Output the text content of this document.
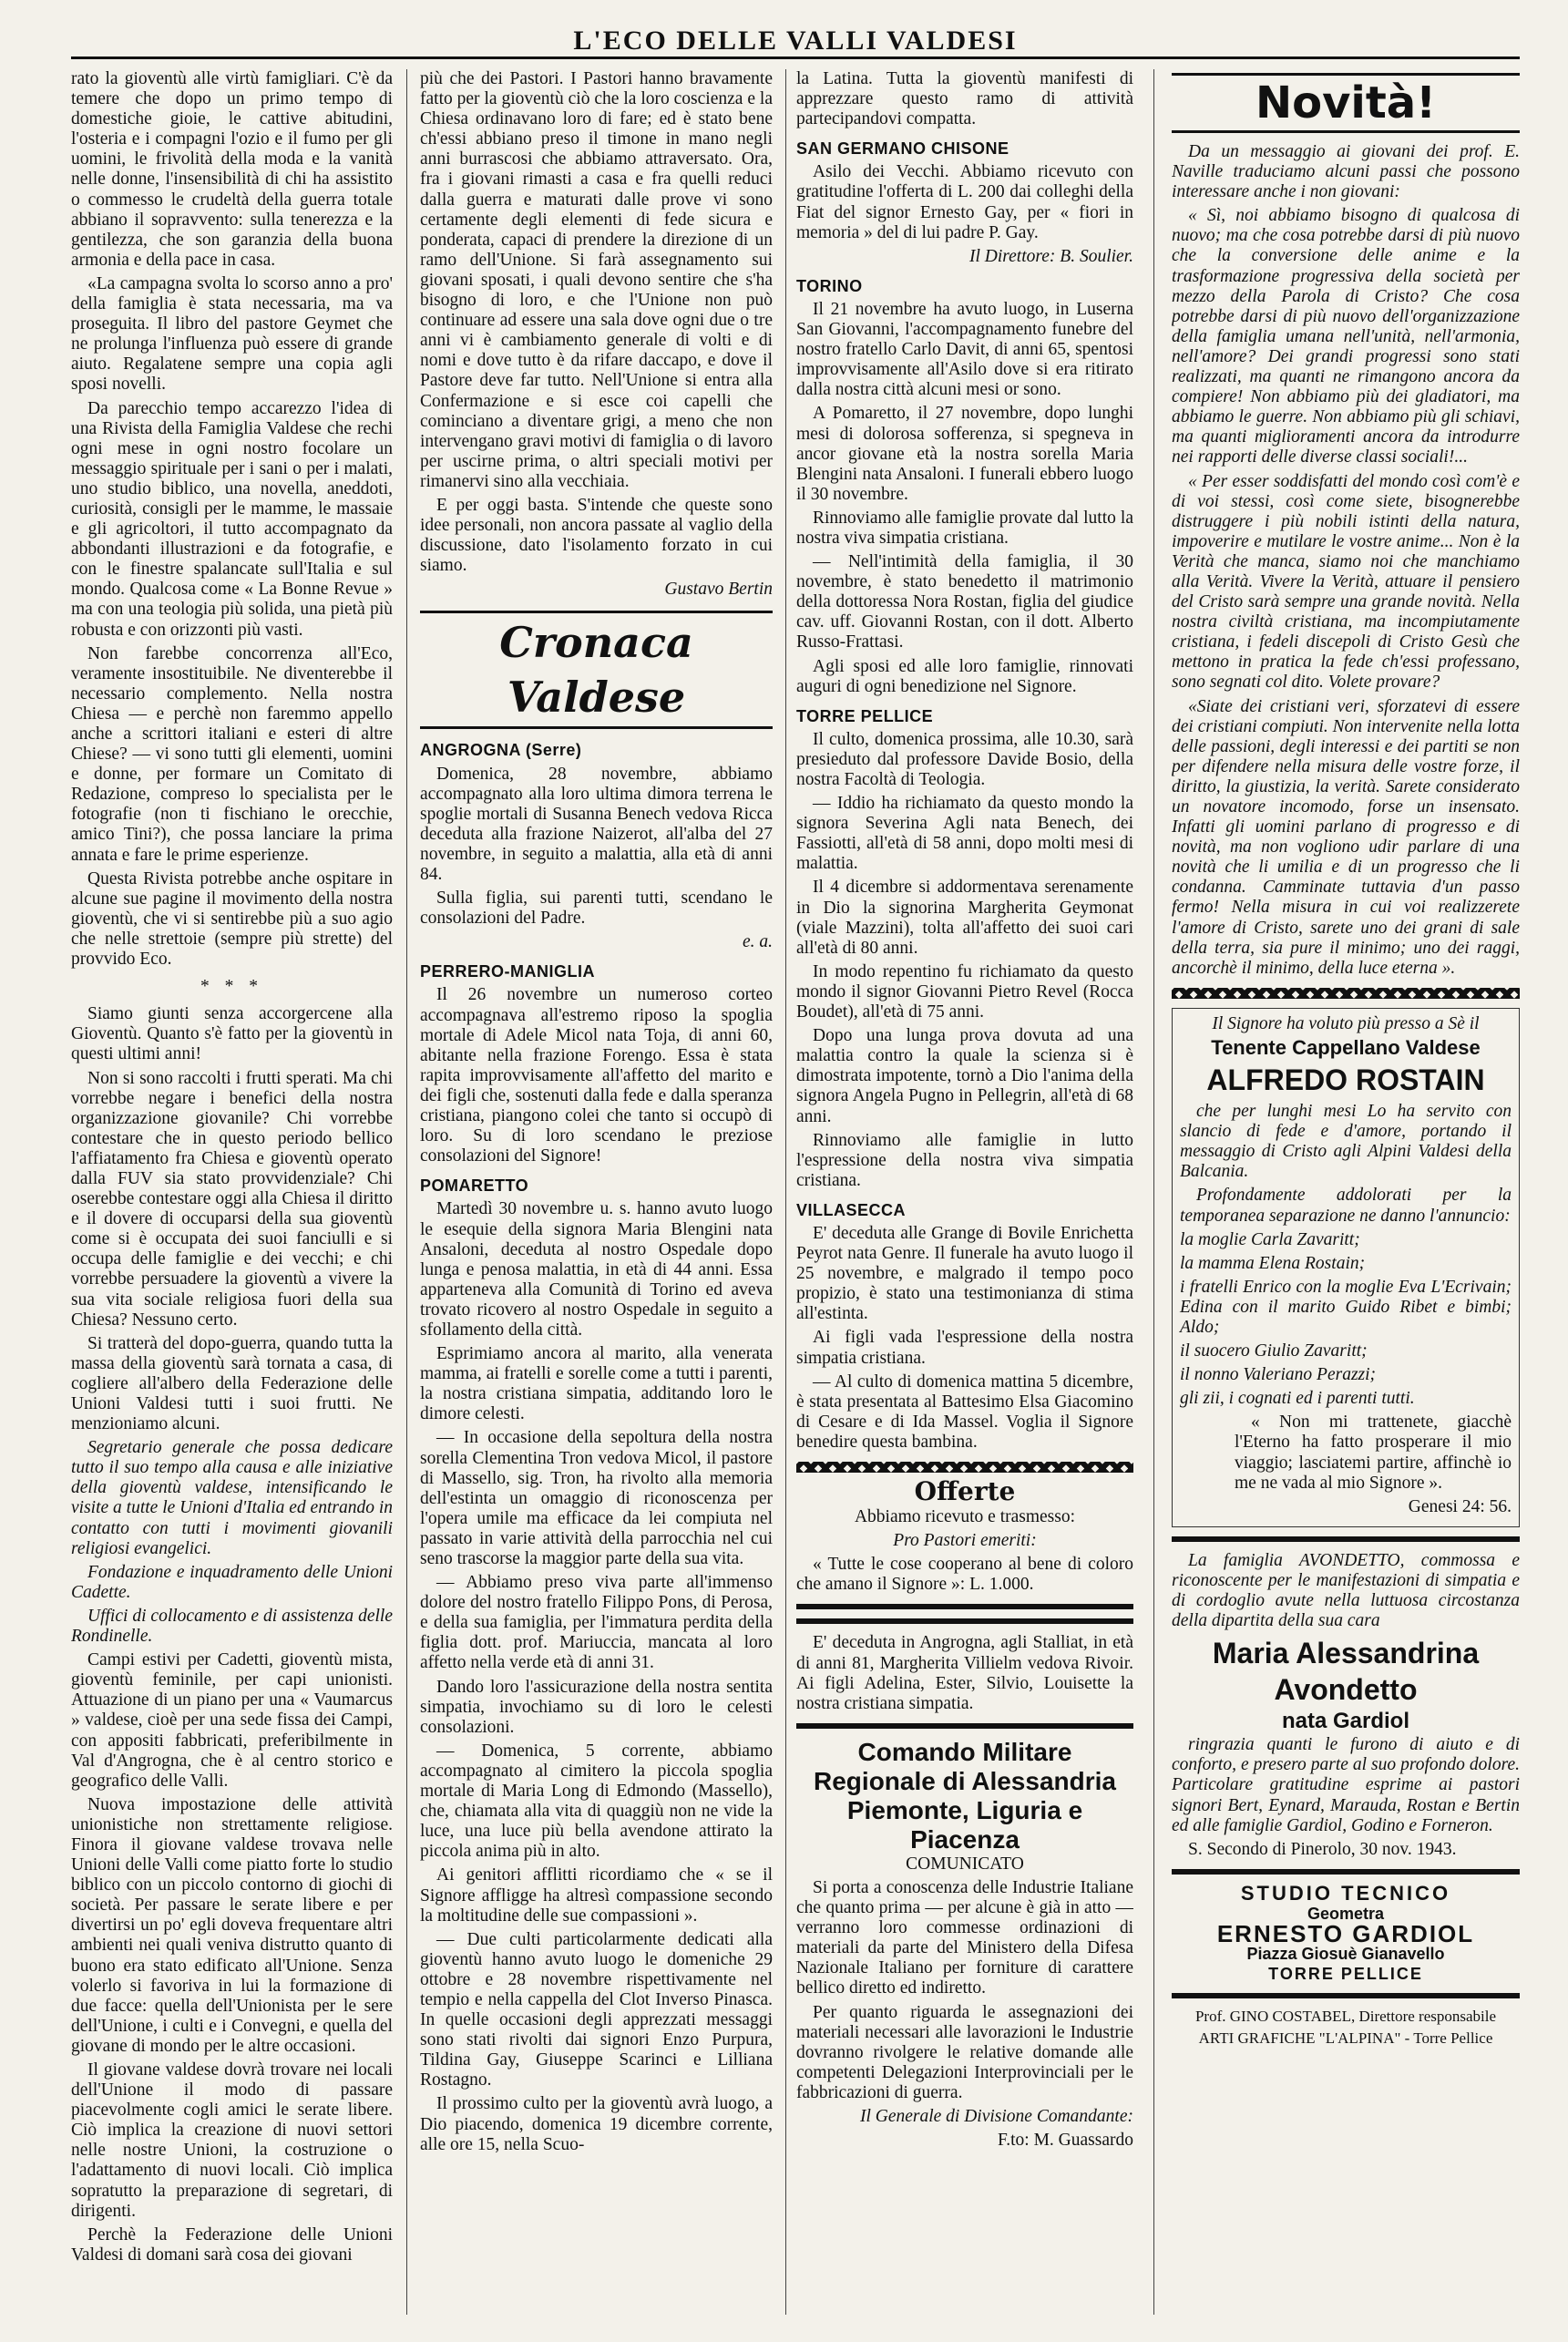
L'ECO DELLE VALLI VALDESI

rato la gioventù alle virtù famigliari. C'è da temere che dopo un primo tempo di domestiche gioie, le cattive abitudini, l'osteria e i compagni l'ozio e il fumo per gli uomini, le frivolità della moda e la vanità nelle donne, l'insensibilità di chi ha assistito o commesso le crudeltà della guerra totale abbiano il sopravvento: sulla tenerezza e la gentilezza, che son garanzia della buona armonia e della pace in casa.

«La campagna svolta lo scorso anno a pro' della famiglia è stata necessaria, ma va proseguita. Il libro del pastore Geymet che ne prolunga l'influenza può essere di grande aiuto. Regalatene sempre una copia agli sposi novelli.

Da parecchio tempo accarezzo l'idea di una Rivista della Famiglia Valdese che rechi ogni mese in ogni nostro focolare un messaggio spirituale per i sani o per i malati, uno studio biblico, una novella, aneddoti, curiosità, consigli per le mamme, le massaie e gli agricoltori, il tutto accompagnato da abbondanti illustrazioni e da fotografie, e con le finestre spalancate sull'Italia e sul mondo. Qualcosa come « La Bonne Revue » ma con una teologia più solida, una pietà più robusta e con orizzonti più vasti.

Non farebbe concorrenza all'Eco, veramente insostituibile. Ne diventerebbe il necessario complemento. Nella nostra Chiesa — e perchè non faremmo appello anche a scrittori italiani e esteri di altre Chiese? — vi sono tutti gli elementi, uomini e donne, per formare un Comitato di Redazione, compreso lo specialista per le fotografie (non ti fischiano le orecchie, amico Tini?), che possa lanciare la prima annata e fare le prime esperienze.

Questa Rivista potrebbe anche ospitare in alcune sue pagine il movimento della nostra gioventù, che vi si sentirebbe più a suo agio che nelle strettoie (sempre più strette) del provvido Eco.

* * *

Siamo giunti senza accorgercene alla Gioventù. Quanto s'è fatto per la gioventù in questi ultimi anni!

Non si sono raccolti i frutti sperati. Ma chi vorrebbe negare i benefici della nostra organizzazione giovanile? Chi vorrebbe contestare che in questo periodo bellico l'affiatamento fra Chiesa e gioventù operato dalla FUV sia stato provvidenziale? Chi oserebbe contestare oggi alla Chiesa il diritto e il dovere di occuparsi della sua gioventù come si è occupata dei suoi fanciulli e si occupa delle famiglie e dei vecchi; e chi vorrebbe persuadere la gioventù a vivere la sua vita sociale religiosa fuori della sua Chiesa? Nessuno certo.

Si tratterà del dopo-guerra, quando tutta la massa della gioventù sarà tornata a casa, di cogliere all'albero della Federazione delle Unioni Valdesi tutti i suoi frutti. Ne menzioniamo alcuni.

Segretario generale che possa dedicare tutto il suo tempo alla causa e alle iniziative della gioventù valdese, intensificando le visite a tutte le Unioni d'Italia ed entrando in contatto con tutti i movimenti giovanili religiosi evangelici.

Fondazione e inquadramento delle Unioni Cadette.

Uffici di collocamento e di assistenza delle Rondinelle.

Campi estivi per Cadetti, gioventù mista, gioventù feminile, per capi unionisti. Attuazione di un piano per una « Vaumarcus » valdese, cioè per una sede fissa dei Campi, con appositi fabbricati, preferibilmente in Val d'Angrogna, che è al centro storico e geografico delle Valli.

Nuova impostazione delle attività unionistiche non strettamente religiose. Finora il giovane valdese trovava nelle Unioni delle Valli come piatto forte lo studio biblico con un piccolo contorno di giochi di società. Per passare le serate libere e per divertirsi un po' egli doveva frequentare altri ambienti nei quali veniva distrutto quanto di buono era stato edificato all'Unione. Senza volerlo si favoriva in lui la formazione di due facce: quella dell'Unionista per le sere dell'Unione, i culti e i Convegni, e quella del giovane di mondo per le altre occasioni.

Il giovane valdese dovrà trovare nei locali dell'Unione il modo di passare piacevolmente cogli amici le serate libere. Ciò implica la creazione di nuovi settori nelle nostre Unioni, la costruzione o l'adattamento di nuovi locali. Ciò implica sopratutto la preparazione di segretari, di dirigenti.

Perchè la Federazione delle Unioni Valdesi di domani sarà cosa dei giovani

più che dei Pastori. I Pastori hanno bravamente fatto per la gioventù ciò che la loro coscienza e la Chiesa ordinavano loro di fare; ed è stato bene ch'essi abbiano preso il timone in mano negli anni burrascosi che abbiamo attraversato. Ora, fra i giovani rimasti a casa e fra quelli reduci dalla guerra e maturati dalle prove vi sono certamente degli elementi di fede sicura e ponderata, capaci di prendere la direzione di un ramo dell'Unione. Si farà assegnamento sui giovani sposati, i quali devono sentire che s'ha bisogno di loro, e che l'Unione non può continuare ad essere una sala dove ogni due o tre anni vi è cambiamento generale di volti e di nomi e dove tutto è da rifare daccapo, e dove il Pastore deve far tutto. Nell'Unione si entra alla Confermazione e si esce coi capelli che cominciano a diventare grigi, a meno che non intervengano gravi motivi di famiglia o di lavoro per uscirne prima, o altri speciali motivi per rimanervi sino alla vecchiaia.

E per oggi basta. S'intende che queste sono idee personali, non ancora passate al vaglio della discussione, dato l'isolamento forzato in cui siamo.

Gustavo Bertin
Cronaca Valdese
ANGROGNA (Serre)

Domenica, 28 novembre, abbiamo accompagnato alla loro ultima dimora terrena le spoglie mortali di Susanna Benech vedova Ricca deceduta alla frazione Naizerot, all'alba del 27 novembre, in seguito a malattia, alla età di anni 84.

Sulla figlia, sui parenti tutti, scendano le consolazioni del Padre.

e. a.
PERRERO-MANIGLIA

Il 26 novembre un numeroso corteo accompagnava all'estremo riposo la spoglia mortale di Adele Micol nata Toja, di anni 60, abitante nella frazione Forengo. Essa è stata rapita improvvisamente all'affetto del marito e dei figli che, sostenuti dalla fede e dalla speranza cristiana, piangono colei che tanto si occupò di loro. Su di loro scendano le preziose consolazioni del Signore!

POMARETTO

Martedì 30 novembre u. s. hanno avuto luogo le esequie della signora Maria Blengini nata Ansaloni, deceduta al nostro Ospedale dopo lunga e penosa malattia, in età di 44 anni. Essa apparteneva alla Comunità di Torino ed aveva trovato ricovero al nostro Ospedale in seguito a sfollamento della città.

Esprimiamo ancora al marito, alla venerata mamma, ai fratelli e sorelle come a tutti i parenti, la nostra cristiana simpatia, additando loro le dimore celesti.

— In occasione della sepoltura della nostra sorella Clementina Tron vedova Micol, il pastore di Massello, sig. Tron, ha rivolto alla memoria dell'estinta un omaggio di riconoscenza per l'opera umile ma efficace da lei compiuta nel passato in varie attività della parrocchia nel cui seno trascorse la maggior parte della sua vita.

— Abbiamo preso viva parte all'immenso dolore del nostro fratello Filippo Pons, di Perosa, e della sua famiglia, per l'immatura perdita della figlia dott. prof. Mariuccia, mancata al loro affetto nella verde età di anni 31.

Dando loro l'assicurazione della nostra sentita simpatia, invochiamo su di loro le celesti consolazioni.

— Domenica, 5 corrente, abbiamo accompagnato al cimitero la piccola spoglia mortale di Maria Long di Edmondo (Massello), che, chiamata alla vita di quaggiù non ne vide la luce, una luce più bella avendone attirato la piccola anima più in alto.

Ai genitori afflitti ricordiamo che « se il Signore affligge ha altresì compassione secondo la moltitudine delle sue compassioni ».

— Due culti particolarmente dedicati alla gioventù hanno avuto luogo le domeniche 29 ottobre e 28 novembre rispettivamente nel tempio e nella cappella del Clot Inverso Pinasca. In quelle occasioni degli apprezzati messaggi sono stati rivolti dai signori Enzo Purpura, Tildina Gay, Giuseppe Scarinci e Lilliana Rostagno.

Il prossimo culto per la gioventù avrà luogo, a Dio piacendo, domenica 19 dicembre corrente, alle ore 15, nella Scuo-

la Latina. Tutta la gioventù manifesti di apprezzare questo ramo di attività partecipandovi compatta.

SAN GERMANO CHISONE

Asilo dei Vecchi. Abbiamo ricevuto con gratitudine l'offerta di L. 200 dai colleghi della Fiat del signor Ernesto Gay, per « fiori in memoria » del di lui padre P. Gay.

Il Direttore: B. Soulier.
TORINO

Il 21 novembre ha avuto luogo, in Luserna San Giovanni, l'accompagnamento funebre del nostro fratello Carlo Davit, di anni 65, spentosi improvvisamente all'Asilo dove si era ritirato dalla nostra città alcuni mesi or sono.

A Pomaretto, il 27 novembre, dopo lunghi mesi di dolorosa sofferenza, si spegneva in ancor giovane età la nostra sorella Maria Blengini nata Ansaloni. I funerali ebbero luogo il 30 novembre.

Rinnoviamo alle famiglie provate dal lutto la nostra viva simpatia cristiana.

— Nell'intimità della famiglia, il 30 novembre, è stato benedetto il matrimonio della dottoressa Nora Rostan, figlia del giudice cav. uff. Giovanni Rostan, con il dott. Alberto Russo-Frattasi.

Agli sposi ed alle loro famiglie, rinnovati auguri di ogni benedizione nel Signore.

TORRE PELLICE

Il culto, domenica prossima, alle 10.30, sarà presieduto dal professore Davide Bosio, della nostra Facoltà di Teologia.

— Iddio ha richiamato da questo mondo la signora Severina Agli nata Benech, dei Fassiotti, all'età di 58 anni, dopo molti mesi di malattia.

Il 4 dicembre si addormentava serenamente in Dio la signorina Margherita Geymonat (viale Mazzini), tolta all'affetto dei suoi cari all'età di 80 anni.

In modo repentino fu richiamato da questo mondo il signor Giovanni Pietro Revel (Rocca Boudet), all'età di 75 anni.

Dopo una lunga prova dovuta ad una malattia contro la quale la scienza si è dimostrata impotente, tornò a Dio l'anima della signora Angela Pugno in Pellegrin, all'età di 68 anni.

Rinnoviamo alle famiglie in lutto l'espressione della nostra viva simpatia cristiana.

VILLASECCA

E' deceduta alle Grange di Bovile Enrichetta Peyrot nata Genre. Il funerale ha avuto luogo il 25 novembre, e malgrado il tempo poco propizio, è stato una testimonianza di stima all'estinta.

Ai figli vada l'espressione della nostra simpatia cristiana.

— Al culto di domenica mattina 5 dicembre, è stata presentata al Battesimo Elsa Giacomino di Cesare e di Ida Massel. Voglia il Signore benedire questa bambina.

Offerte

Abbiamo ricevuto e trasmesso:

Pro Pastori emeriti:

« Tutte le cose cooperano al bene di coloro che amano il Signore »: L. 1.000.

E' deceduta in Angrogna, agli Stalliat, in età di anni 81, Margherita Villielm vedova Rivoir. Ai figli Adelina, Ester, Silvio, Louisette la nostra cristiana simpatia.

Comando Militare Regionale di Alessandria Piemonte, Liguria e Piacenza

COMUNICATO

Si porta a conoscenza delle Industrie Italiane che quanto prima — per alcune è già in atto — verranno loro commesse ordinazioni di materiali da parte del Ministero della Difesa Nazionale Italiano per forniture di carattere bellico diretto ed indiretto.

Per quanto riguarda le assegnazioni dei materiali necessari alle lavorazioni le Industrie dovranno rivolgere le relative domande alle competenti Delegazioni Interprovinciali per le fabbricazioni di guerra.

Il Generale di Divisione Comandante:
F.to: M. Guassardo
Novità!

Da un messaggio ai giovani dei prof. E. Naville traduciamo alcuni passi che possono interessare anche i non giovani:

« Sì, noi abbiamo bisogno di qualcosa di nuovo; ma che cosa potrebbe darsi di più nuovo che la conversione delle anime e la trasformazione progressiva della società per mezzo della Parola di Cristo? Che cosa potrebbe darsi di più nuovo dell'organizzazione della famiglia umana nell'unità, nell'armonia, nell'amore? Dei grandi progressi sono stati realizzati, ma quanti ne rimangono ancora da compiere! Non abbiamo più dei gladiatori, ma abbiamo le guerre. Non abbiamo più gli schiavi, ma quanti miglioramenti ancora da introdurre nei rapporti delle diverse classi sociali!...

« Per esser soddisfatti del mondo così com'è e di voi stessi, così come siete, bisognerebbe distruggere i più nobili istinti della natura, impoverire e mutilare le vostre anime... Non è la Verità che manca, siamo noi che manchiamo alla Verità. Vivere la Verità, attuare il pensiero del Cristo sarà sempre una grande novità. Nella nostra civiltà cristiana, ma incompiutamente cristiana, i fedeli discepoli di Cristo Gesù che mettono in pratica la fede ch'essi professano, sono segnati col dito. Volete provare?

«Siate dei cristiani veri, sforzatevi di essere dei cristiani compiuti. Non intervenite nella lotta delle passioni, degli interessi e dei partiti se non per difendere nella misura delle vostre forze, il diritto, la giustizia, la verità. Sarete considerato un novatore incomodo, forse un insensato. Infatti gli uomini parlano di progresso e di novità, ma non vogliono udir parlare di una novità che li umilia e di un progresso che li condanna. Camminate tuttavia d'un passo fermo! Nella misura in cui voi realizzerete l'amore di Cristo, sarete uno dei grani di sale della terra, sia pure il minimo; uno dei raggi, ancorchè il minimo, della luce eterna ».

Il Signore ha voluto più presso a Sè il

Tenente Cappellano Valdese

ALFREDO ROSTAIN

che per lunghi mesi Lo ha servito con slancio di fede e d'amore, portando il messaggio di Cristo agli Alpini Valdesi della Balcania.

Profondamente addolorati per la temporanea separazione ne danno l'annuncio:

la moglie Carla Zavaritt;

la mamma Elena Rostain;

i fratelli Enrico con la moglie Eva L'Ecrivain; Edina con il marito Guido Ribet e bimbi; Aldo;

il suocero Giulio Zavaritt;

il nonno Valeriano Perazzi;

gli zii, i cognati ed i parenti tutti.

« Non mi trattenete, giacchè l'Eterno ha fatto prosperare il mio viaggio; lasciatemi partire, affinchè io me ne vada al mio Signore ».

Genesi 24: 56.

La famiglia AVONDETTO, commossa e riconoscente per le manifestazioni di simpatia e di cordoglio avute nella luttuosa circostanza della dipartita della sua cara

Maria Alessandrina Avondetto
nata Gardiol

ringrazia quanti le furono di aiuto e di conforto, e presero parte al suo profondo dolore. Particolare gratitudine esprime ai pastori signori Bert, Eynard, Marauda, Rostan e Bertin ed alle famiglie Gardiol, Godino e Forneron.

S. Secondo di Pinerolo, 30 nov. 1943.

STUDIO TECNICO
Geometra
ERNESTO GARDIOL
Piazza Giosuè Gianavello
TORRE PELLICE

Prof. GINO COSTABEL, Direttore responsabile

ARTI GRAFICHE "L'ALPINA" - Torre Pellice
